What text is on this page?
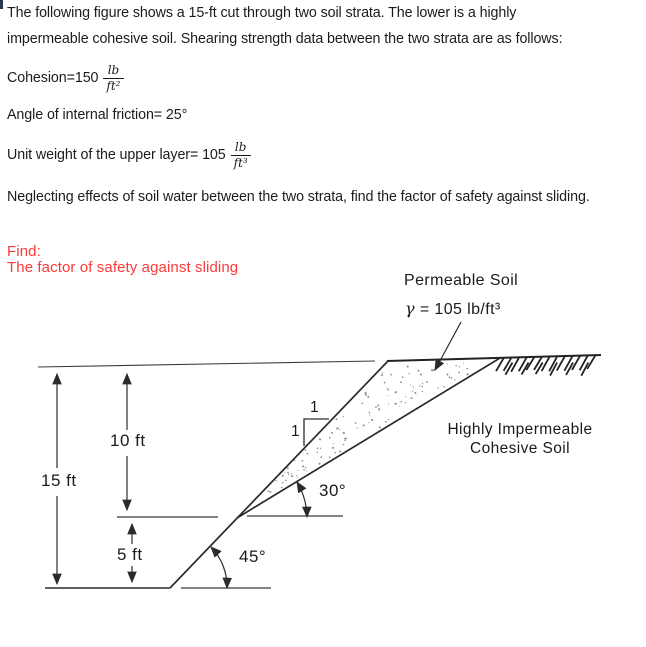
The following figure shows a 15-ft cut through two soil strata. The lower is a highly
impermeable cohesive soil. Shearing strength data between the two strata are as follows:
Cohesion=150 $\frac{lb}{\text{ft²}}$
Angle of internal friction= 25°
Unit weight of the upper layer= $105 \frac{lb}{\text{ft³}}$
Neglecting effects of soil water between the two strata, find the factor of safety against sliding.
Find:
The factor of safety against sliding
Permeable Soil
γ = 105 lb/ft³
Highly Impermeable
Cohesive Soil
15 ft
10 ft
5 ft
30°
45°
1
1
